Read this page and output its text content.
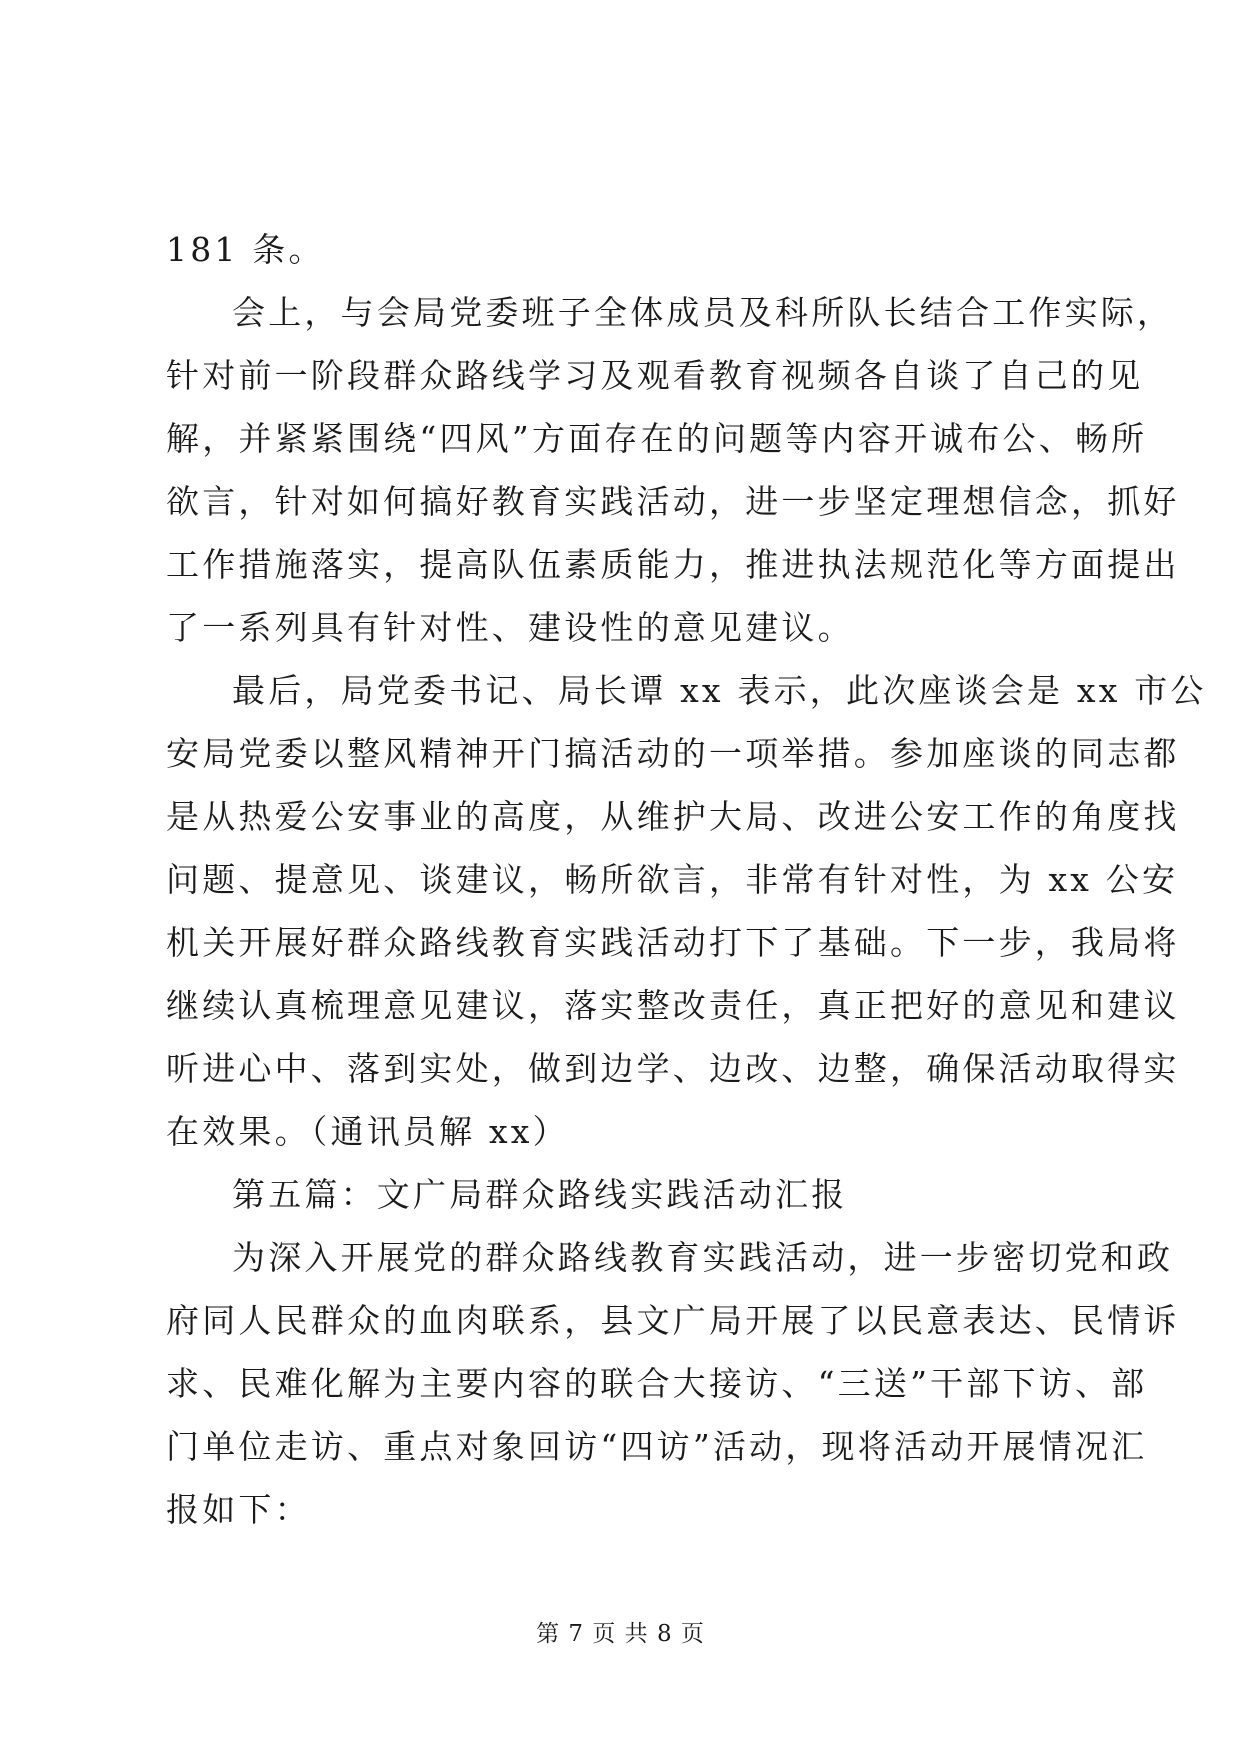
181 条。
会上，与会局党委班子全体成员及科所队长结合工作实际，
针对前一阶段群众路线学习及观看教育视频各自谈了自己的见
解，并紧紧围绕“四风”方面存在的问题等内容开诚布公、畅所
欲言，针对如何搞好教育实践活动，进一步坚定理想信念，抓好
工作措施落实，提高队伍素质能力，推进执法规范化等方面提出
了一系列具有针对性、建设性的意见建议。
最后，局党委书记、局长谭 xx 表示，此次座谈会是 xx 市公
安局党委以整风精神开门搞活动的一项举措。参加座谈的同志都
是从热爱公安事业的高度，从维护大局、改进公安工作的角度找
问题、提意见、谈建议，畅所欲言，非常有针对性，为 xx 公安
机关开展好群众路线教育实践活动打下了基础。下一步，我局将
继续认真梳理意见建议，落实整改责任，真正把好的意见和建议
听进心中、落到实处，做到边学、边改、边整，确保活动取得实
在效果。（通讯员解 xx）
第五篇：文广局群众路线实践活动汇报
为深入开展党的群众路线教育实践活动，进一步密切党和政
府同人民群众的血肉联系，县文广局开展了以民意表达、民情诉
求、民难化解为主要内容的联合大接访、“三送”干部下访、部
门单位走访、重点对象回访“四访”活动，现将活动开展情况汇
报如下：
第 7 页 共 8 页
